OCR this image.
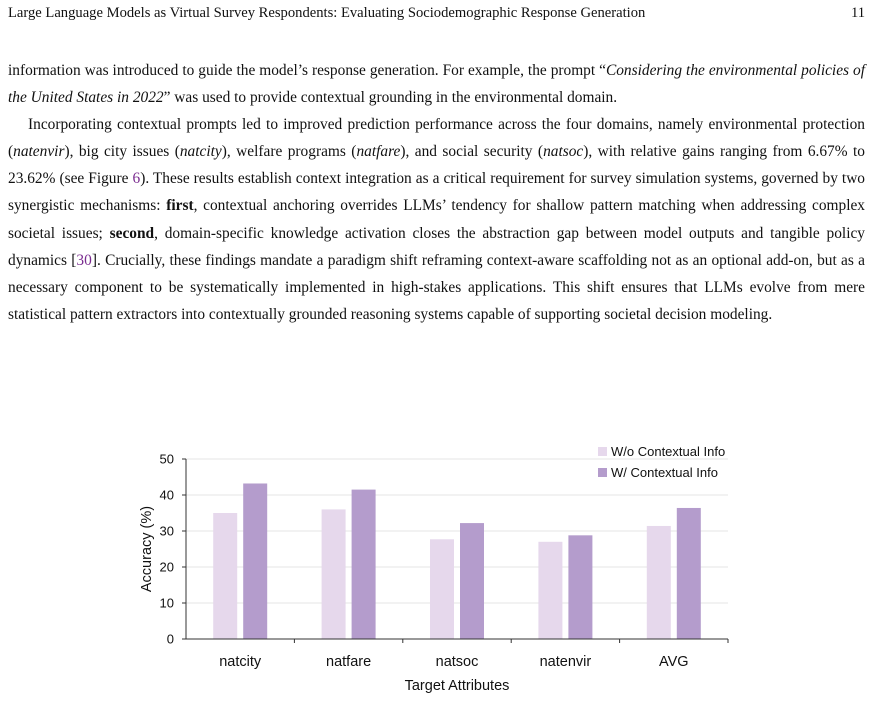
Large Language Models as Virtual Survey Respondents: Evaluating Sociodemographic Response Generation	11

information was introduced to guide the model’s response generation. For example, the prompt “Considering the environmental policies of the United States in 2022” was used to provide contextual grounding in the environmental domain.

Incorporating contextual prompts led to improved prediction performance across the four domains, namely environmental protection (natenvir), big city issues (natcity), welfare programs (natfare), and social security (natsoc), with relative gains ranging from 6.67% to 23.62% (see Figure 6). These results establish context integration as a critical requirement for survey simulation systems, governed by two synergistic mechanisms: first, contextual anchoring overrides LLMs’ tendency for shallow pattern matching when addressing complex societal issues; second, domain-specific knowledge activation closes the abstraction gap between model outputs and tangible policy dynamics [30]. Crucially, these findings mandate a paradigm shift reframing context-aware scaffolding not as an optional add-on, but as a necessary component to be systematically implemented in high-stakes applications. This shift ensures that LLMs evolve from mere statistical pattern extractors into contextually grounded reasoning systems capable of supporting societal decision modeling.

0
10
20
30
40
50
natcity	natfare	natsoc	natenvir	AVG
Target Attributes
Accuracy (%)
W/o Contextual Info
W/ Contextual Info
